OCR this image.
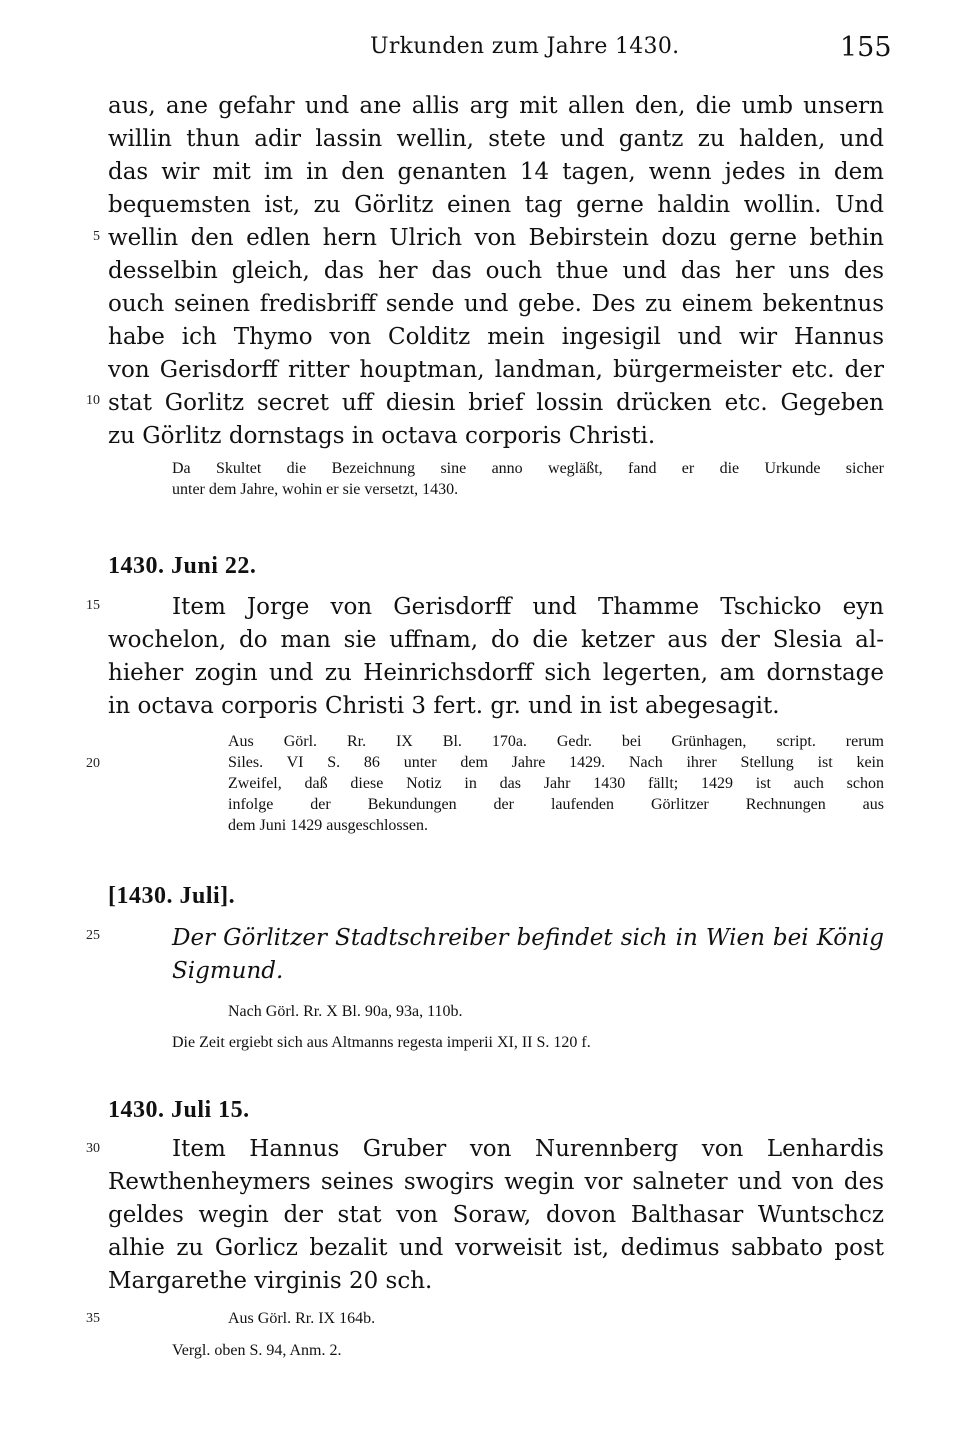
Urkunden zum Jahre 1430.	155
5
10
15
20
25
30
35
aus, ane gefahr und ane allis arg mit allen den, die umb unsern
willin thun adir lassin wellin, stete und gantz zu halden, und
das wir mit im in den genanten 14 tagen, wenn jedes in dem
bequemsten ist, zu Görlitz einen tag gerne haldin wollin. Und
wellin den edlen hern Ulrich von Bebirstein dozu gerne bethin
desselbin gleich, das her das ouch thue und das her uns des
ouch seinen fredisbriff sende und gebe. Des zu einem bekentnus
habe ich Thymo von Colditz mein ingesigil und wir Hannus
von Gerisdorff ritter houptman, landman, bürgermeister etc. der
stat Gorlitz secret uff diesin brief lossin drücken etc. Gegeben
zu Görlitz dornstags in octava corporis Christi.
Da Skultet die Bezeichnung sine anno wegläßt, fand er die Urkunde sicher
unter dem Jahre, wohin er sie versetzt, 1430.
1430. Juni 22.
Item Jorge von Gerisdorff und Thamme Tschicko eyn
wochelon, do man sie uffnam, do die ketzer aus der Slesia al-
hieher zogin und zu Heinrichsdorff sich legerten, am dornstage
in octava corporis Christi 3 fert. gr. und in ist abegesagit.
Aus Görl. Rr. IX Bl. 170a. Gedr. bei Grünhagen, script. rerum
Siles. VI S. 86 unter dem Jahre 1429. Nach ihrer Stellung ist kein
Zweifel, daß diese Notiz in das Jahr 1430 fällt; 1429 ist auch schon
infolge der Bekundungen der laufenden Görlitzer Rechnungen aus
dem Juni 1429 ausgeschlossen.
[1430. Juli].
Der Görlitzer Stadtschreiber befindet sich in Wien bei König
Sigmund.
Nach Görl. Rr. X Bl. 90a, 93a, 110b.
Die Zeit ergiebt sich aus Altmanns regesta imperii XI, II S. 120 f.
1430. Juli 15.
Item Hannus Gruber von Nurennberg von Lenhardis
Rewthenheymers seines swogirs wegin vor salneter und von des
geldes wegin der stat von Soraw, dovon Balthasar Wuntschcz
alhie zu Gorlicz bezalit und vorweisit ist, dedimus sabbato post
Margarethe virginis 20 sch.
Aus Görl. Rr. IX 164b.
Vergl. oben S. 94, Anm. 2.
